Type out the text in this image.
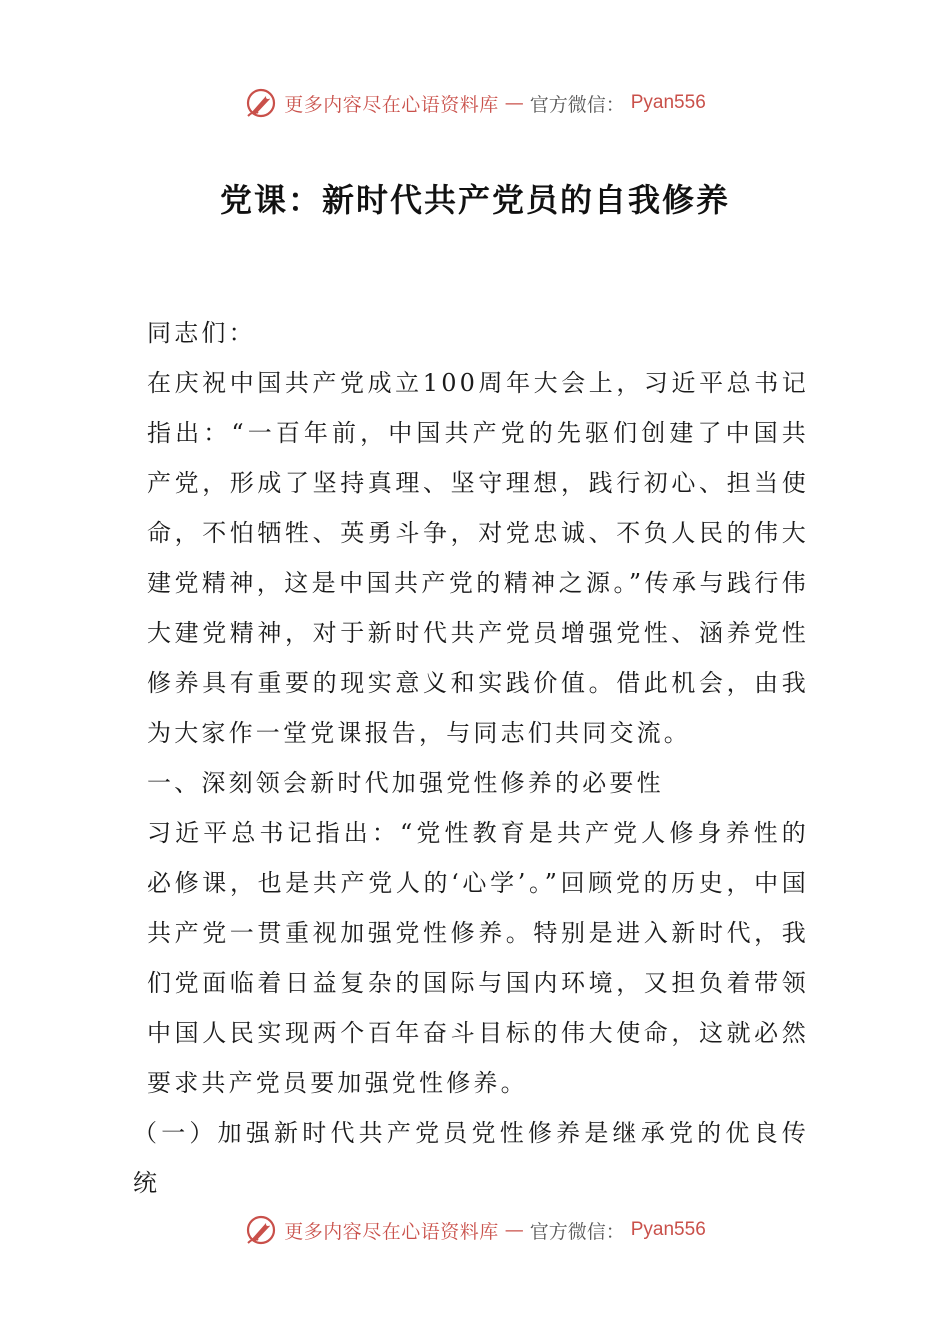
更多内容尽在心语资料库 — 官方微信： Pyan556
党课：新时代共产党员的自我修养

同志们：

在庆祝中国共产党成立100周年大会上，习近平总书记指出：“一百年前，中国共产党的先驱们创建了中国共产党，形成了坚持真理、坚守理想，践行初心、担当使命，不怕牺牲、英勇斗争，对党忠诚、不负人民的伟大建党精神，这是中国共产党的精神之源。”传承与践行伟大建党精神，对于新时代共产党员增强党性、涵养党性修养具有重要的现实意义和实践价值。借此机会，由我为大家作一堂党课报告，与同志们共同交流。

一、深刻领会新时代加强党性修养的必要性

习近平总书记指出：“党性教育是共产党人修身养性的必修课，也是共产党人的‘心学’。”回顾党的历史，中国共产党一贯重视加强党性修养。特别是进入新时代，我们党面临着日益复杂的国际与国内环境，又担负着带领中国人民实现两个百年奋斗目标的伟大使命，这就必然要求共产党员要加强党性修养。

（一）加强新时代共产党员党性修养是继承党的优良传统

更多内容尽在心语资料库 — 官方微信： Pyan556
